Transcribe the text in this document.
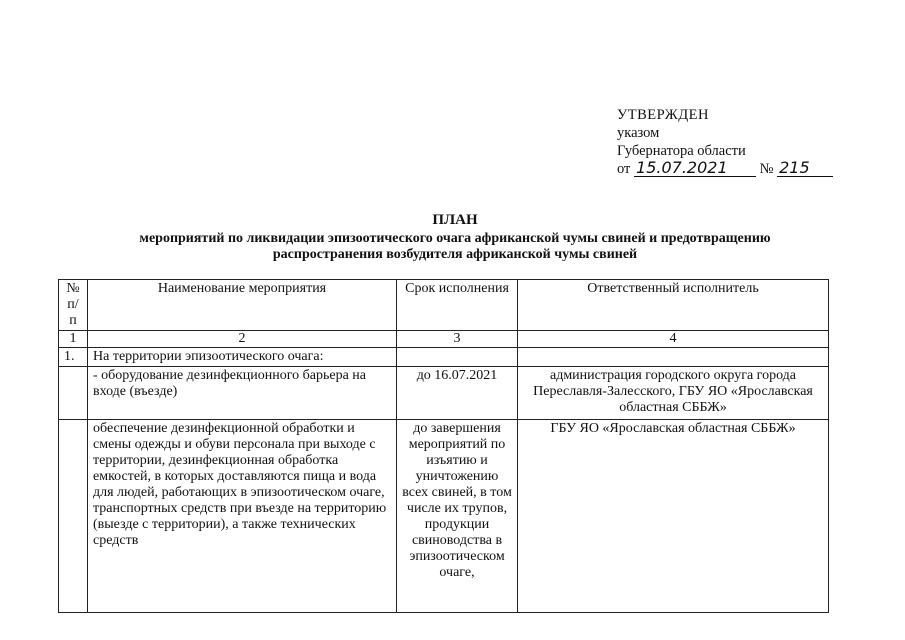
УТВЕРЖДЕН
указом
Губернатора области
от 15.07.2021 № 215
ПЛАН
мероприятий по ликвидации эпизоотического очага африканской чумы свиней и предотвращению
распространения возбудителя африканской чумы свиней
№ п/п	Наименование мероприятия	Срок исполнения	Ответственный исполнитель
1	2	3	4
1.	На территории эпизоотического очага:		
	- оборудование дезинфекционного барьера на входе (въезде)	до 16.07.2021	администрация городского округа города Переславля-Залесского, ГБУ ЯО «Ярославская областная СББЖ»
	обеспечение дезинфекционной обработки и смены одежды и обуви персонала при выходе с территории, дезинфекционная обработка емкостей, в которых доставляются пища и вода для людей, работающих в эпизоотическом очаге, транспортных средств при въезде на территорию (выезде с территории), а также технических средств	до завершения мероприятий по изъятию и уничтожению всех свиней, в том числе их трупов, продукции свиноводства в эпизоотическом очаге,	ГБУ ЯО «Ярославская областная СББЖ»
